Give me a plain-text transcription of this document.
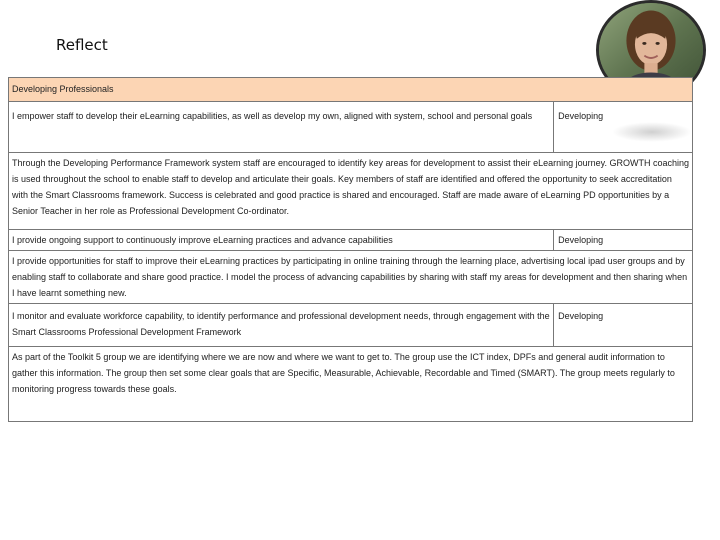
Reflect
Developing Professionals	
I empower staff to develop their eLearning capabilities, as well as develop my own, aligned with system, school and personal goals	Developing
Through the Developing Performance Framework system staff are encouraged to identify key areas for development to assist their eLearning journey. GROWTH coaching is used throughout the school to enable staff to develop and articulate their goals. Key members of staff are identified and offered the opportunity to seek accreditation with the Smart Classrooms framework. Success is celebrated and good practice is shared and encouraged. Staff are made aware of eLearning PD opportunities by a Senior Teacher in her role as Professional Development Co-ordinator.	
I provide ongoing support to continuously improve eLearning practices and advance capabilities	Developing
I provide opportunities for staff to improve their eLearning practices by participating in online training through the learning place, advertising local ipad user groups and by enabling staff to collaborate and share good practice. I model the process of advancing capabilities by sharing with staff my areas for development and then sharing when I have learnt something new.	
I monitor and evaluate workforce capability, to identify performance and professional development needs, through engagement with the Smart Classrooms Professional Development Framework	Developing
As part of the Toolkit 5 group we are identifying where we are now and where we want to get to. The group use the ICT index, DPFs and general audit information to gather this information. The group then set some clear goals that are Specific, Measurable, Achievable, Recordable and Timed (SMART). The group meets regularly to monitoring progress towards these goals.	
